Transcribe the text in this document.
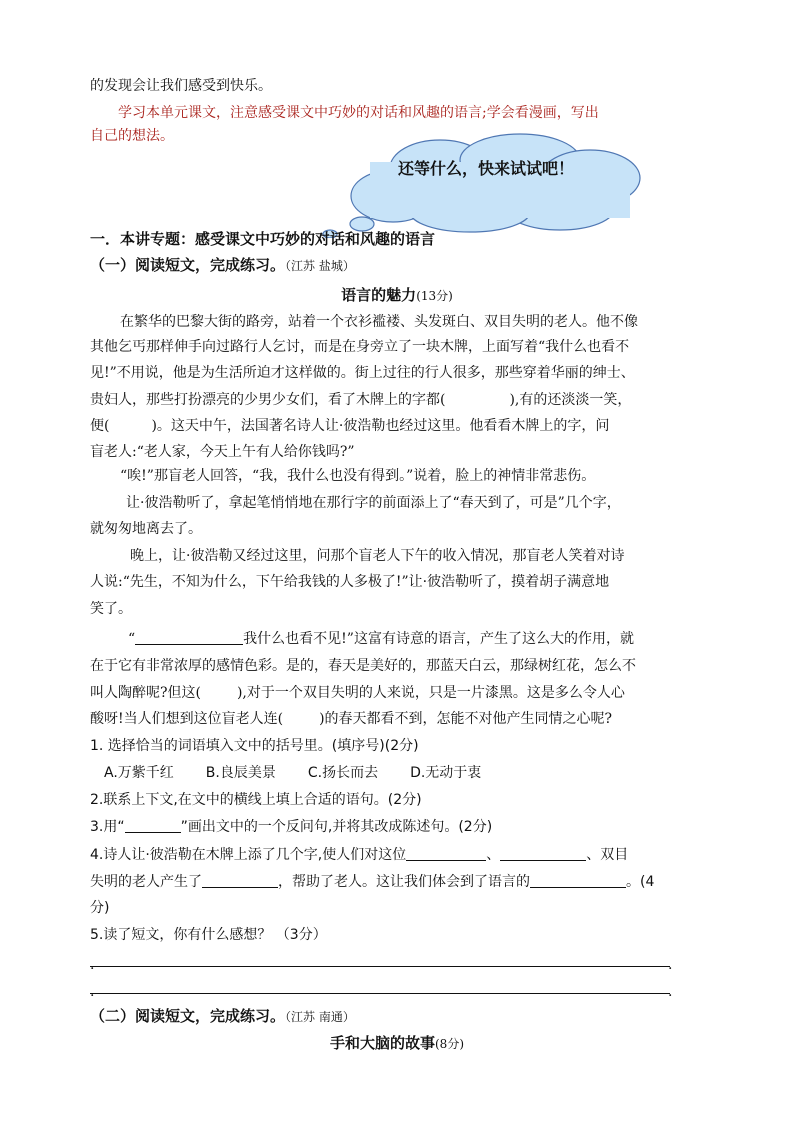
的发现会让我们感受到快乐。
学习本单元课文，注意感受课文中巧妙的对话和风趣的语言;学会看漫画，写出
自己的想法。
还等什么，快来试试吧！
一．本讲专题：感受课文中巧妙的对话和风趣的语言
（一）阅读短文，完成练习。（江苏 盐城）
语言的魅力(13分)
在繁华的巴黎大街的路旁，站着一个衣衫褴褛、头发斑白、双目失明的老人。他不像
其他乞丐那样伸手向过路行人乞讨，而是在身旁立了一块木牌，上面写着“我什么也看不
见!”不用说，他是为生活所迫才这样做的。街上过往的行人很多，那些穿着华丽的绅士、
贵妇人，那些打扮漂亮的少男少女们，看了木牌上的字都(	),有的还淡淡一笑，
便(	)。这天中午，法国著名诗人让·彼浩勒也经过这里。他看看木牌上的字，问
盲老人:“老人家，今天上午有人给你钱吗?”
“唉!”那盲老人回答，“我，我什么也没有得到。”说着，脸上的神情非常悲伤。
让·彼浩勒听了，拿起笔悄悄地在那行字的前面添上了“春天到了，可是”几个字，
就匆匆地离去了。
晚上，让·彼浩勒又经过这里，问那个盲老人下午的收入情况，那盲老人笑着对诗
人说:“先生，不知为什么，下午给我钱的人多极了!”让·彼浩勒听了，摸着胡子满意地
笑了。
“	我什么也看不见!”这富有诗意的语言，产生了这么大的作用，就
在于它有非常浓厚的感情色彩。是的，春天是美好的，那蓝天白云，那绿树红花，怎么不
叫人陶醉呢?但这(	),对于一个双目失明的人来说，只是一片漆黑。这是多么令人心
酸呀!当人们想到这位盲老人连(	)的春天都看不到，怎能不对他产生同情之心呢?
1. 选择恰当的词语填入文中的括号里。(填序号)(2分)
A.万紫千红 B.良辰美景 C.扬长而去 D.无动于衷
2.联系上下文,在文中的横线上填上合适的语句。(2分)
3.用“	”画出文中的一个反问句,并将其改成陈述句。(2分)
4.诗人让·彼浩勒在木牌上添了几个字,使人们对这位	、	、双目
失明的老人产生了	，帮助了老人。这让我们体会到了语言的	。(4
分)
5.读了短文，你有什么感想？ （3分）
.	.
.	.
（二）阅读短文，完成练习。（江苏 南通）
手和大脑的故事(8分)
